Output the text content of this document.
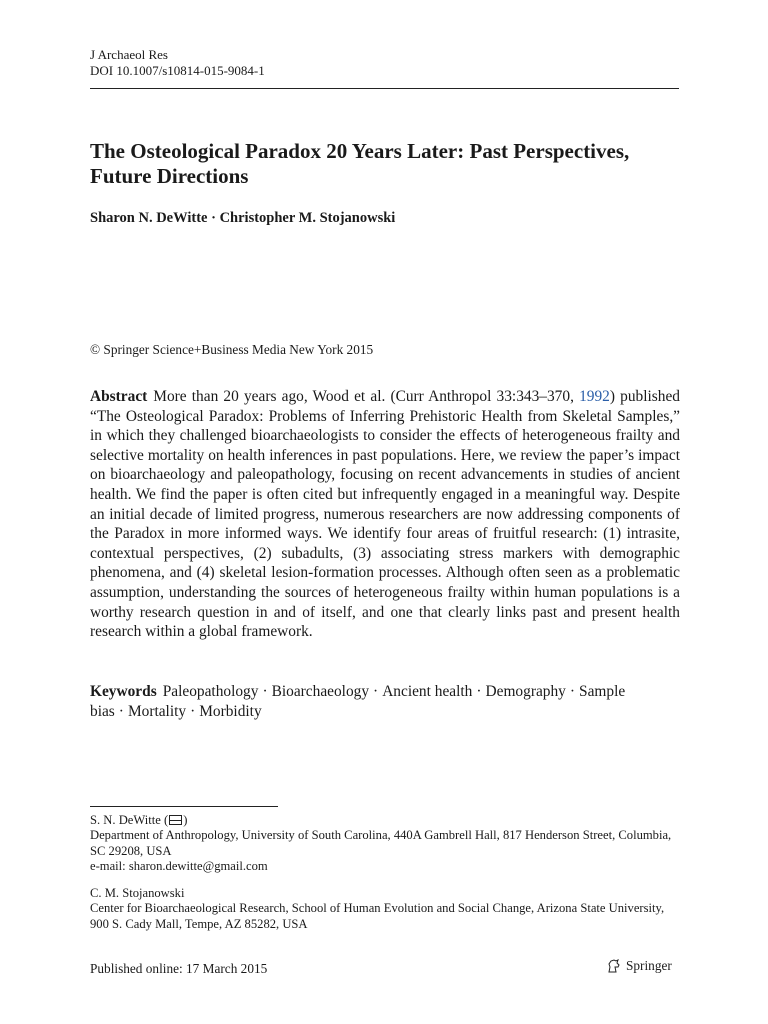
J Archaeol Res
DOI 10.1007/s10814-015-9084-1
The Osteological Paradox 20 Years Later: Past Perspectives, Future Directions
Sharon N. DeWitte · Christopher M. Stojanowski
© Springer Science+Business Media New York 2015

Abstract More than 20 years ago, Wood et al. (Curr Anthropol 33:343–370, 1992) published “The Osteological Paradox: Problems of Inferring Prehistoric Health from Skeletal Samples,” in which they challenged bioarchaeologists to consider the effects of heterogeneous frailty and selective mortality on health inferences in past populations. Here, we review the paper’s impact on bioarchaeology and paleopathology, focusing on recent advancements in studies of ancient health. We find the paper is often cited but infrequently engaged in a meaningful way. Despite an initial decade of limited progress, numerous researchers are now addressing components of the Paradox in more informed ways. We identify four areas of fruitful research: (1) intrasite, contextual perspectives, (2) subadults, (3) associating stress markers with demographic phenomena, and (4) skeletal lesion-formation processes. Although often seen as a problematic assumption, understanding the sources of heterogeneous frailty within human populations is a worthy research question in and of itself, and one that clearly links past and present health research within a global framework.

Keywords Paleopathology · Bioarchaeology · Ancient health · Demography · Sample bias · Mortality · Morbidity

S. N. DeWitte ( )
Department of Anthropology, University of South Carolina, 440A Gambrell Hall, 817 Henderson Street, Columbia, SC 29208, USA
e-mail: sharon.dewitte@gmail.com
C. M. Stojanowski
Center for Bioarchaeological Research, School of Human Evolution and Social Change, Arizona State University, 900 S. Cady Mall, Tempe, AZ 85282, USA
Published online: 17 March 2015	Springer
